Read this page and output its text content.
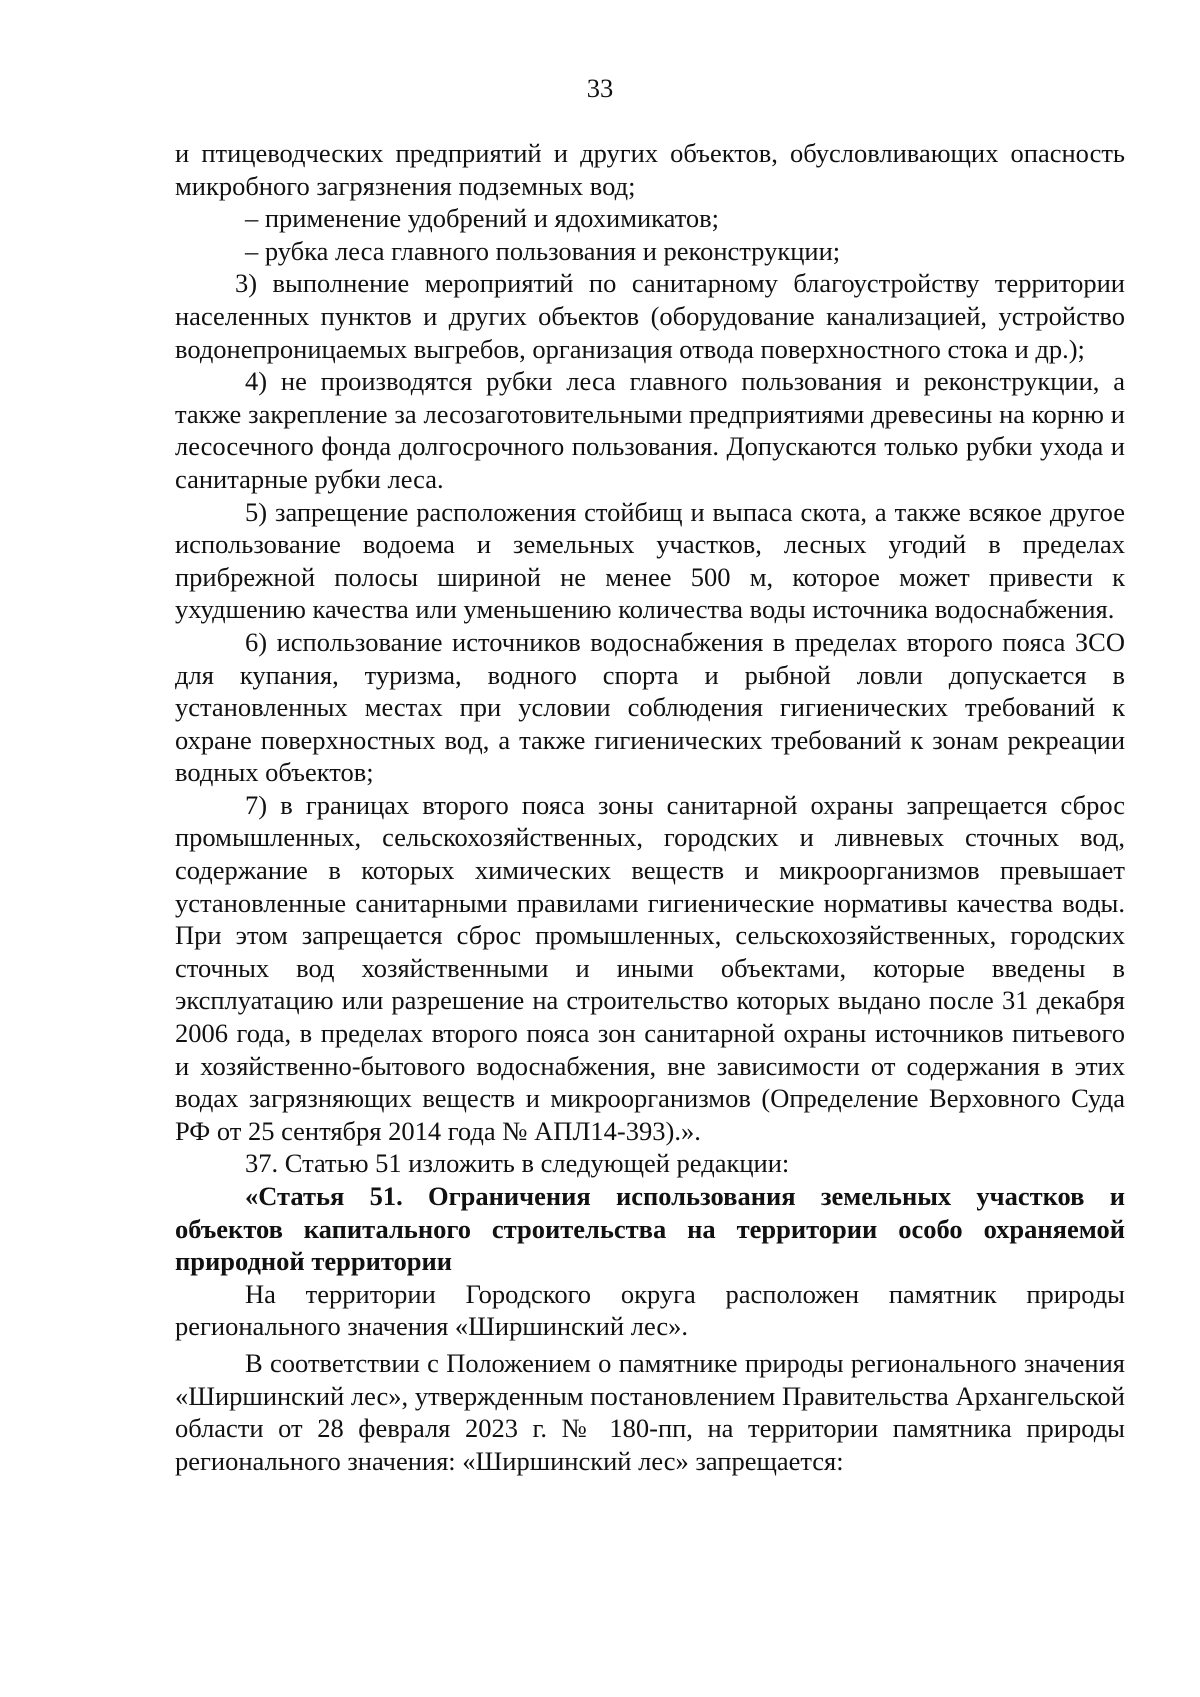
33

и птицеводческих предприятий и других объектов, обусловливающих опасность микробного загрязнения подземных вод;

– применение удобрений и ядохимикатов;

– рубка леса главного пользования и реконструкции;

3) выполнение мероприятий по санитарному благоустройству территории населенных пунктов и других объектов (оборудование канализацией, устройство водонепроницаемых выгребов, организация отвода поверхностного стока и др.);

4) не производятся рубки леса главного пользования и реконструкции, а также закрепление за лесозаготовительными предприятиями древесины на корню и лесосечного фонда долгосрочного пользования. Допускаются только рубки ухода и санитарные рубки леса.

5) запрещение расположения стойбищ и выпаса скота, а также всякое другое использование водоема и земельных участков, лесных угодий в пределах прибрежной полосы шириной не менее 500 м, которое может привести к ухудшению качества или уменьшению количества воды источника водоснабжения.

6) использование источников водоснабжения в пределах второго пояса ЗСО для купания, туризма, водного спорта и рыбной ловли допускается в установленных местах при условии соблюдения гигиенических требований к охране поверхностных вод, а также гигиенических требований к зонам рекреации водных объектов;

7) в границах второго пояса зоны санитарной охраны запрещается сброс промышленных, сельскохозяйственных, городских и ливневых сточных вод, содержание в которых химических веществ и микроорганизмов превышает установленные санитарными правилами гигиенические нормативы качества воды. При этом запрещается сброс промышленных, сельскохозяйственных, городских сточных вод хозяйственными и иными объектами, которые введены в эксплуатацию или разрешение на строительство которых выдано после 31 декабря 2006 года, в пределах второго пояса зон санитарной охраны источников питьевого и хозяйственно-бытового водоснабжения, вне зависимости от содержания в этих водах загрязняющих веществ и микроорганизмов (Определение Верховного Суда РФ от 25 сентября 2014 года № АПЛ14-393).».

37. Статью 51 изложить в следующей редакции:

«Статья 51. Ограничения использования земельных участков и объектов капитального строительства на территории особо охраняемой природной территории

На территории Городского округа расположен памятник природы регионального значения «Ширшинский лес».

В соответствии с Положением о памятнике природы регионального значения «Ширшинский лес», утвержденным постановлением Правительства Архангельской области от 28 февраля 2023 г. № 180-пп, на территории памятника природы регионального значения: «Ширшинский лес» запрещается:
